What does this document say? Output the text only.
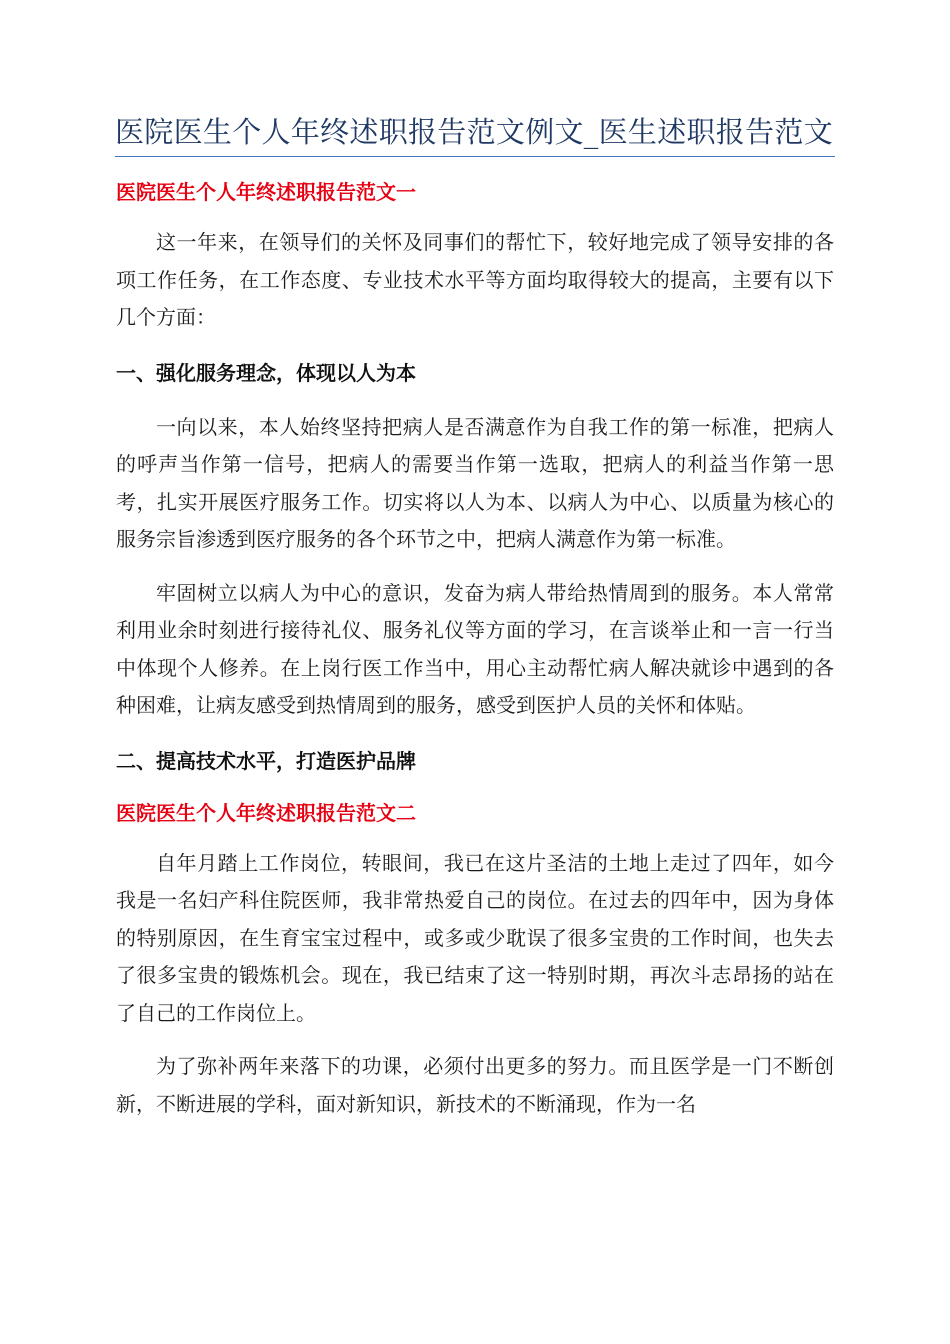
医院医生个人年终述职报告范文例文_医生述职报告范文

医院医生个人年终述职报告范文一

这一年来，在领导们的关怀及同事们的帮忙下，较好地完成了领导安排的各项工作任务，在工作态度、专业技术水平等方面均取得较大的提高，主要有以下几个方面：

一、强化服务理念，体现以人为本

一向以来，本人始终坚持把病人是否满意作为自我工作的第一标准，把病人的呼声当作第一信号，把病人的需要当作第一选取，把病人的利益当作第一思考，扎实开展医疗服务工作。切实将以人为本、以病人为中心、以质量为核心的服务宗旨渗透到医疗服务的各个环节之中，把病人满意作为第一标准。

牢固树立以病人为中心的意识，发奋为病人带给热情周到的服务。本人常常利用业余时刻进行接待礼仪、服务礼仪等方面的学习，在言谈举止和一言一行当中体现个人修养。在上岗行医工作当中，用心主动帮忙病人解决就诊中遇到的各种困难，让病友感受到热情周到的服务，感受到医护人员的关怀和体贴。

二、提高技术水平，打造医护品牌

医院医生个人年终述职报告范文二

自年月踏上工作岗位，转眼间，我已在这片圣洁的土地上走过了四年，如今我是一名妇产科住院医师，我非常热爱自己的岗位。在过去的四年中，因为身体的特别原因，在生育宝宝过程中，或多或少耽误了很多宝贵的工作时间，也失去了很多宝贵的锻炼机会。现在，我已结束了这一特别时期，再次斗志昂扬的站在了自己的工作岗位上。

为了弥补两年来落下的功课，必须付出更多的努力。而且医学是一门不断创新，不断进展的学科，面对新知识，新技术的不断涌现，作为一名
